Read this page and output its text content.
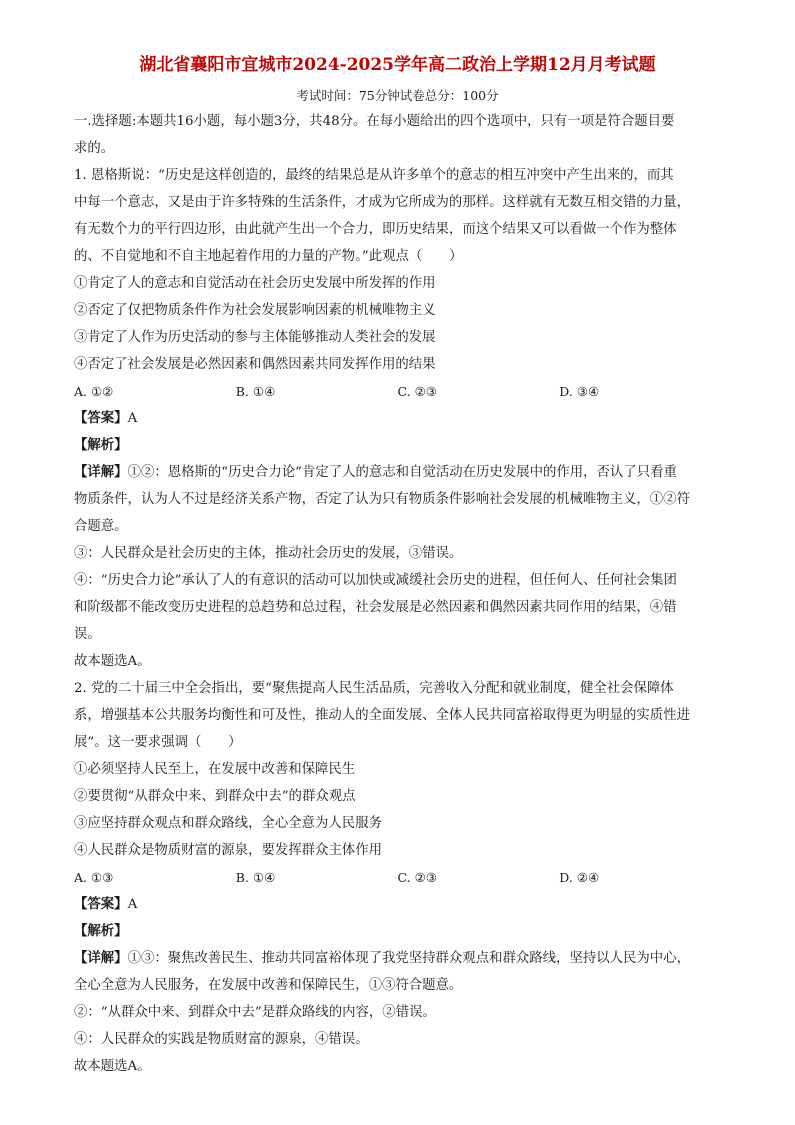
湖北省襄阳市宜城市2024-2025学年高二政治上学期12月月考试题

考试时间：75分钟试卷总分：100分

一.选择题:本题共16小题，每小题3分，共48分。在每小题给出的四个选项中，只有一项是符合题目要

求的。

1. 恩格斯说：“历史是这样创造的，最终的结果总是从许多单个的意志的相互冲突中产生出来的，而其

中每一个意志，又是由于许多特殊的生活条件，才成为它所成为的那样。这样就有无数互相交错的力量，

有无数个力的平行四边形，由此就产生出一个合力，即历史结果，而这个结果又可以看做一个作为整体

的、不自觉地和不自主地起着作用的力量的产物。”此观点（　　）

①肯定了人的意志和自觉活动在社会历史发展中所发挥的作用

②否定了仅把物质条件作为社会发展影响因素的机械唯物主义

③肯定了人作为历史活动的参与主体能够推动人类社会的发展

④否定了社会发展是必然因素和偶然因素共同发挥作用的结果

A. ①②	B. ①④	C. ②③	D. ③④

【答案】A

【解析】

【详解】①②：恩格斯的“历史合力论”肯定了人的意志和自觉活动在历史发展中的作用，否认了只看重

物质条件，认为人不过是经济关系产物，否定了认为只有物质条件影响社会发展的机械唯物主义，①②符

合题意。

③：人民群众是社会历史的主体，推动社会历史的发展，③错误。

④：“历史合力论”承认了人的有意识的活动可以加快或减缓社会历史的进程，但任何人、任何社会集团

和阶级都不能改变历史进程的总趋势和总过程，社会发展是必然因素和偶然因素共同作用的结果，④错

误。

故本题选A。

2. 党的二十届三中全会指出，要“聚焦提高人民生活品质，完善收入分配和就业制度，健全社会保障体

系，增强基本公共服务均衡性和可及性，推动人的全面发展、全体人民共同富裕取得更为明显的实质性进

展”。这一要求强调（　　）

①必须坚持人民至上，在发展中改善和保障民生

②要贯彻“从群众中来、到群众中去”的群众观点

③应坚持群众观点和群众路线，全心全意为人民服务

④人民群众是物质财富的源泉，要发挥群众主体作用

A. ①③	B. ①④	C. ②③	D. ②④

【答案】A

【解析】

【详解】①③：聚焦改善民生、推动共同富裕体现了我党坚持群众观点和群众路线，坚持以人民为中心，

全心全意为人民服务，在发展中改善和保障民生，①③符合题意。

②：“从群众中来、到群众中去”是群众路线的内容，②错误。

④：人民群众的实践是物质财富的源泉，④错误。

故本题选A。
